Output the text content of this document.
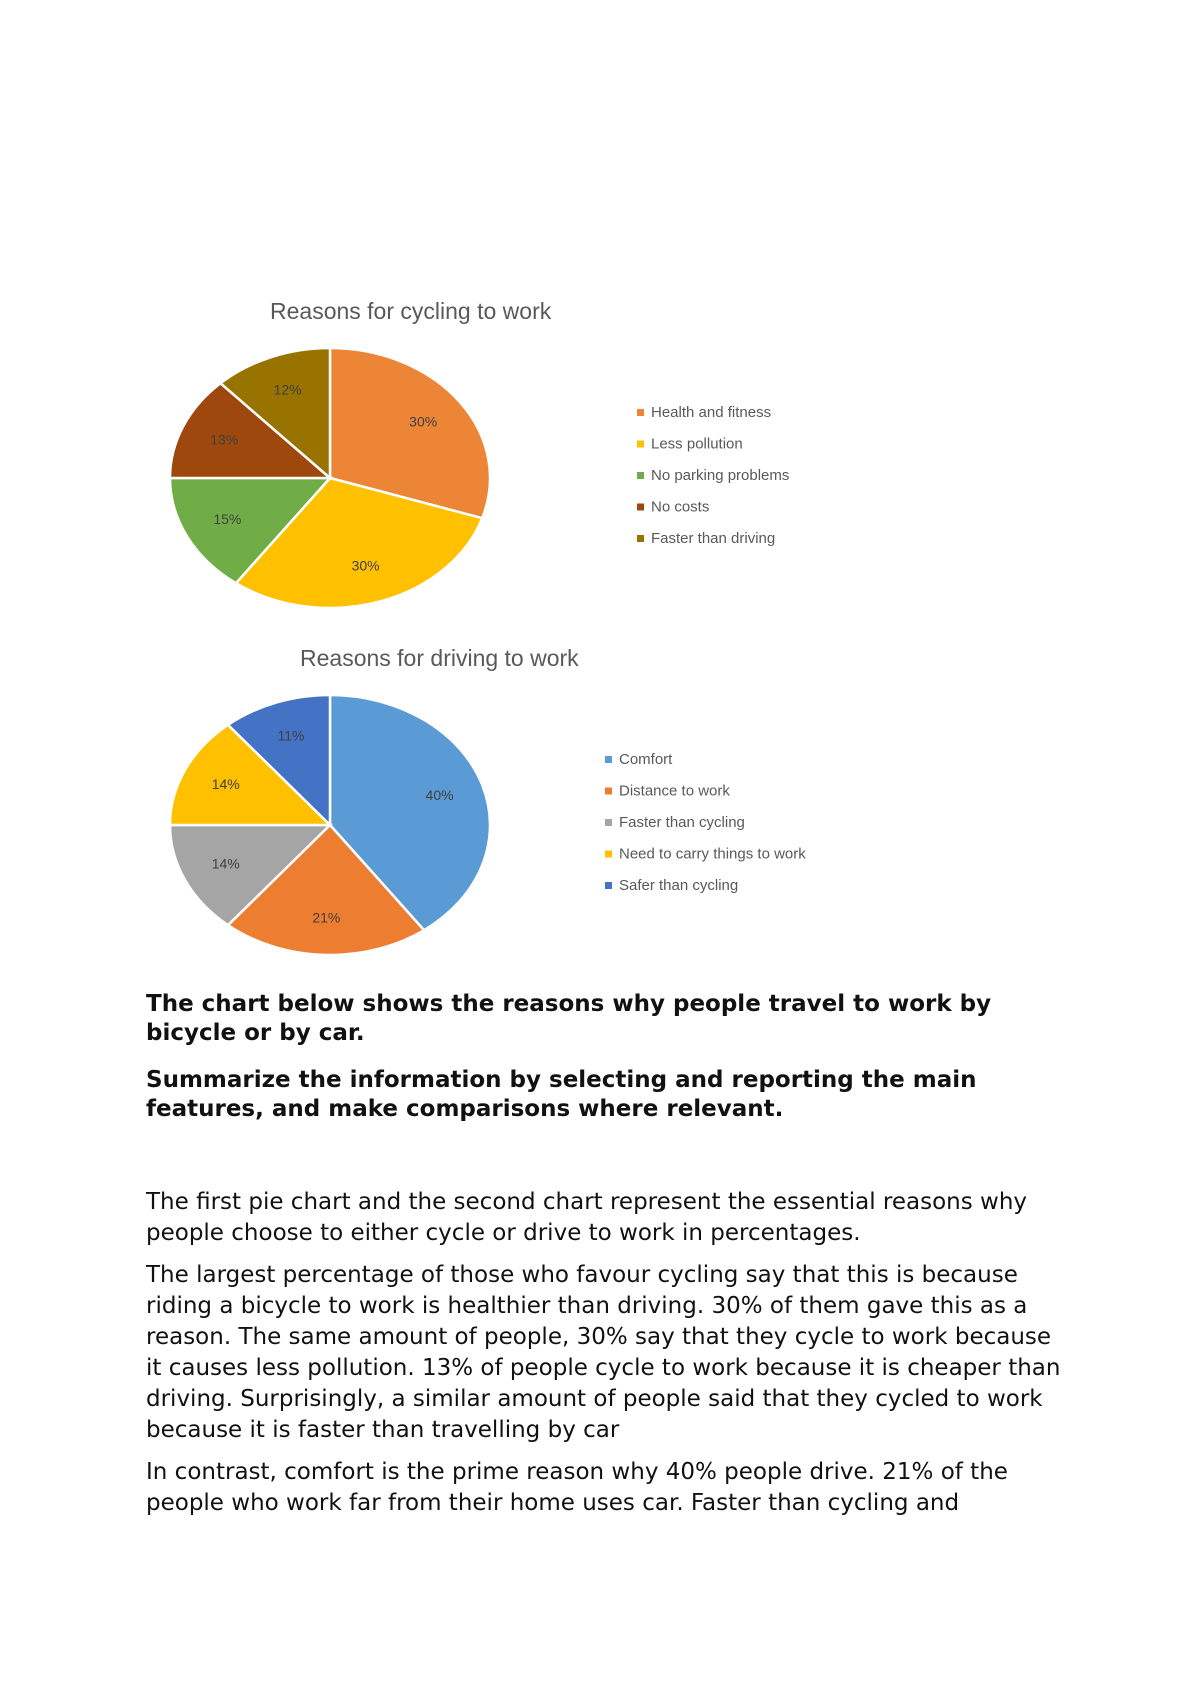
Reasons for cycling to work
30%
30%
15%
13%
12%
Health and fitness
Less pollution
No parking problems
No costs
Faster than driving
Reasons for driving to work
40%
21%
14%
14%
11%
Comfort
Distance to work
Faster than cycling
Need to carry things to work
Safer than cycling

The chart below shows the reasons why people travel to work by bicycle or by car.

Summarize the information by selecting and reporting the main features, and make comparisons where relevant.

The first pie chart and the second chart represent the essential reasons why people choose to either cycle or drive to work in percentages.

The largest percentage of those who favour cycling say that this is because riding a bicycle to work is healthier than driving. 30% of them gave this as a reason. The same amount of people, 30% say that they cycle to work because it causes less pollution. 13% of people cycle to work because it is cheaper than driving. Surprisingly, a similar amount of people said that they cycled to work because it is faster than travelling by car

In contrast, comfort is the prime reason why 40% people drive. 21% of the people who work far from their home uses car. Faster than cycling and
